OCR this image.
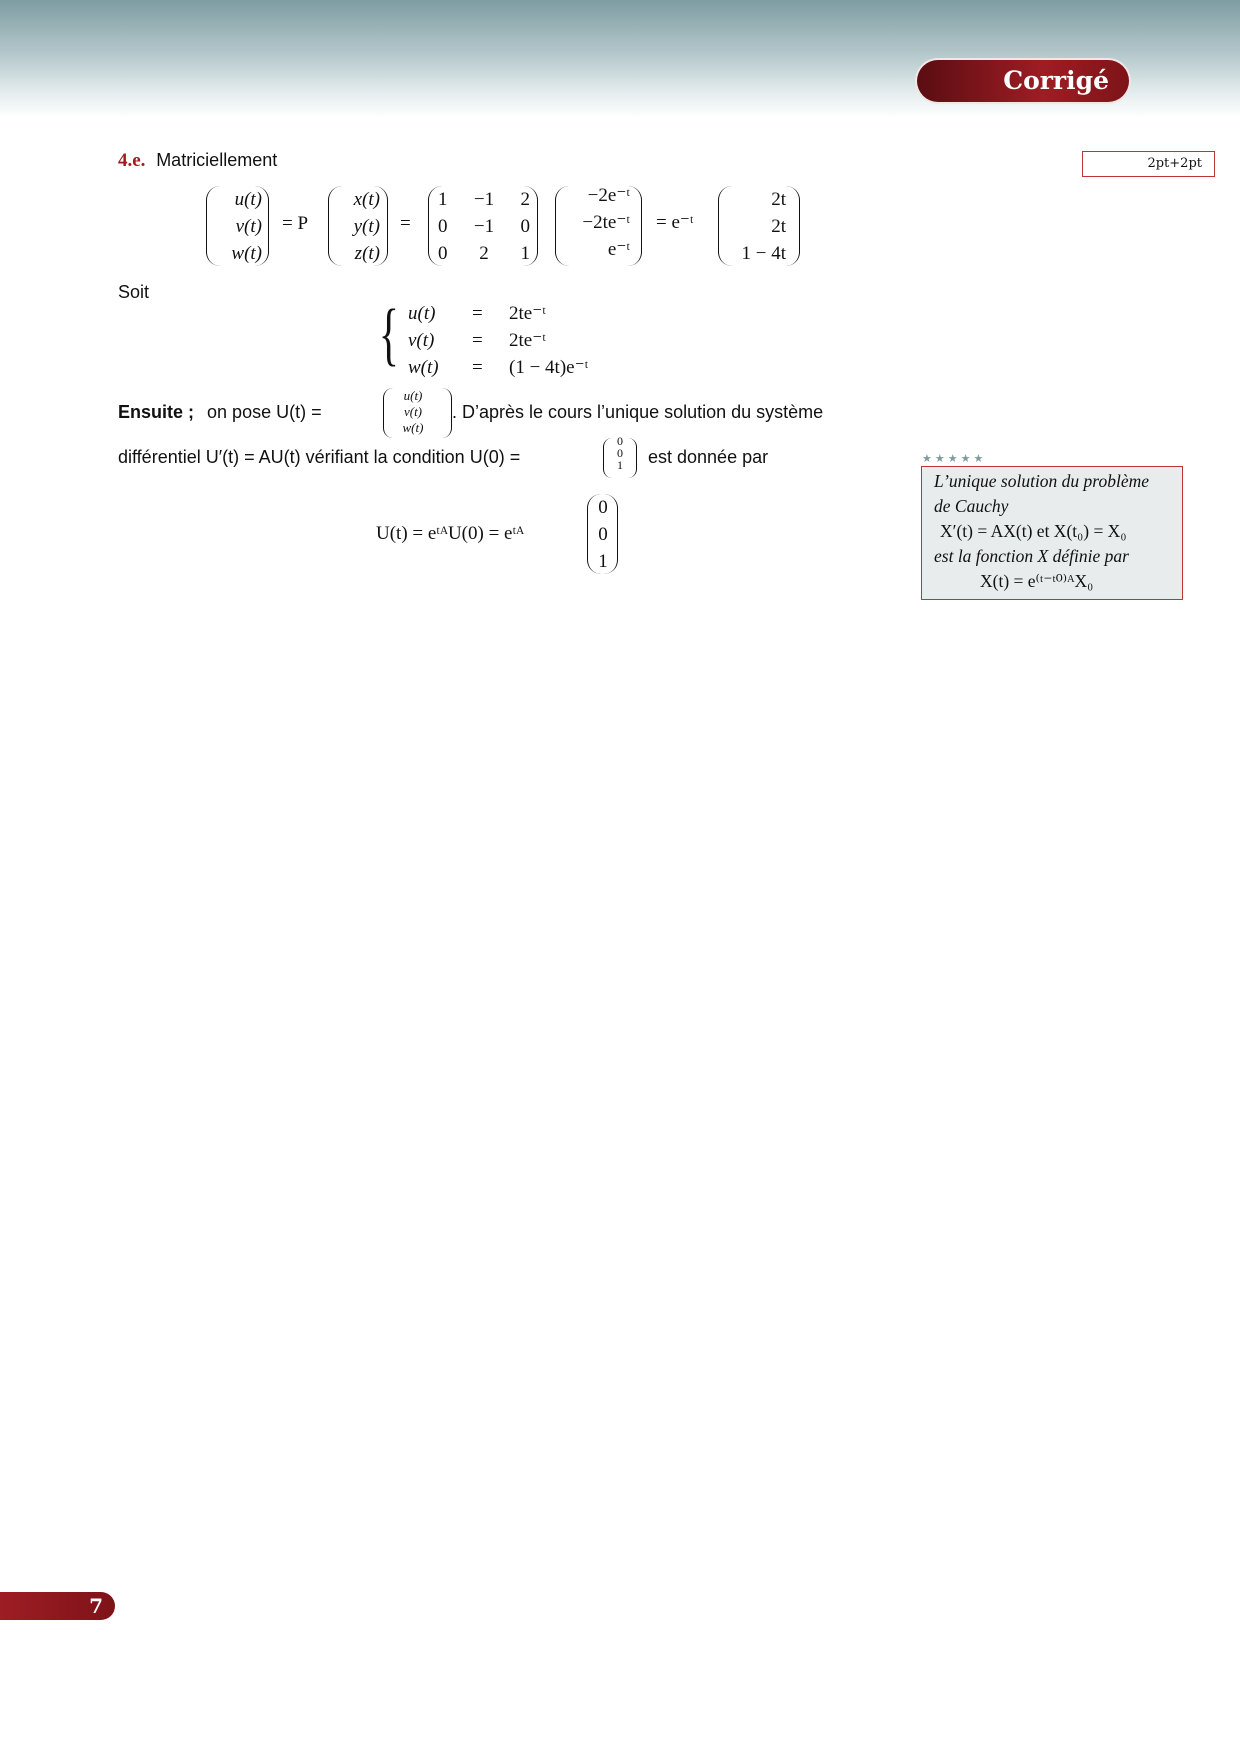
Corrigé
2pt+2pt
4.e. Matriciellement
u(t)
v(t)
w(t)
= P
x(t)
y(t)
z(t)
=
1 −1 2
0 −1 0
0 2 1
−2e⁻ᵗ
−2te⁻ᵗ
e⁻ᵗ
= e⁻ᵗ
2t
2t
1 − 4t
Soit
{ u(t)
v(t)
w(t)
=
=
=
2te⁻ᵗ
2te⁻ᵗ
(1 − 4t)e⁻ᵗ
Ensuite ; on pose U(t) =
u(t)
v(t)
w(t)
. D’après le cours l’unique solution du système
différentiel U′(t) = AU(t) vérifiant la condition U(0) =
0
0
1	est donnée par
U(t) = eᵗᴬU(0) = eᵗᴬ
0
0
1
★★★★★
L’unique solution du problème
de Cauchy
X′(t) = AX(t) et X(t₀) = X₀
est la fonction X définie par
X(t) = e⁽ᵗ⁻ᵗ⁰⁾ᴬX₀
7
